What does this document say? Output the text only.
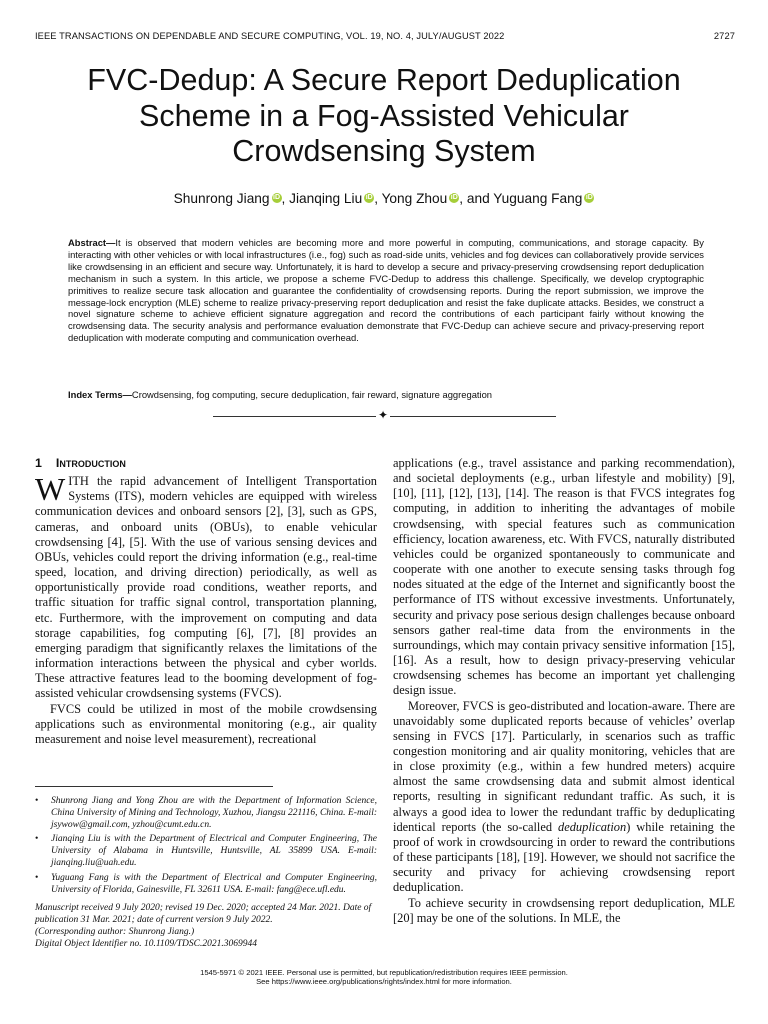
IEEE TRANSACTIONS ON DEPENDABLE AND SECURE COMPUTING, VOL. 19, NO. 4, JULY/AUGUST 2022	2727
FVC-Dedup: A Secure Report Deduplication
Scheme in a Fog-Assisted Vehicular
Crowdsensing System
Shunrong Jiang iD , Jianqing Liu iD , Yong Zhou iD , and Yuguang Fang iD
Abstract—It is observed that modern vehicles are becoming more and more powerful in computing, communications, and storage capacity. By interacting with other vehicles or with local infrastructures (i.e., fog) such as road-side units, vehicles and fog devices can collaboratively provide services like crowdsensing in an efficient and secure way. Unfortunately, it is hard to develop a secure and privacy-preserving crowdsensing report deduplication mechanism in such a system. In this article, we propose a scheme FVC-Dedup to address this challenge. Specifically, we develop cryptographic primitives to realize secure task allocation and guarantee the confidentiality of crowdsensing reports. During the report submission, we improve the message-lock encryption (MLE) scheme to realize privacy-preserving report deduplication and resist the fake duplicate attacks. Besides, we construct a novel signature scheme to achieve efficient signature aggregation and record the contributions of each participant fairly without knowing the crowdsensing data. The security analysis and performance evaluation demonstrate that FVC-Dedup can achieve secure and privacy-preserving report deduplication with moderate computing and communication overhead.
Index Terms—Crowdsensing, fog computing, secure deduplication, fair reward, signature aggregation
✦
1 Introduction

WITH the rapid advancement of Intelligent Transportation Systems (ITS), modern vehicles are equipped with wireless communication devices and onboard sensors [2], [3], such as GPS, cameras, and onboard units (OBUs), to enable vehicular crowdsensing [4], [5]. With the use of various sensing devices and OBUs, vehicles could report the driving information (e.g., real-time speed, location, and driving direction) periodically, as well as opportunistically provide road conditions, weather reports, and traffic situation for traffic signal control, transportation planning, etc. Furthermore, with the improvement on computing and data storage capabilities, fog computing [6], [7], [8] provides an emerging paradigm that significantly relaxes the limitations of the information interactions between the physical and cyber worlds. These attractive features lead to the booming development of fog-assisted vehicular crowdsensing systems (FVCS).

FVCS could be utilized in most of the mobile crowdsensing applications such as environmental monitoring (e.g., air quality measurement and noise level measurement), recreational

• Shunrong Jiang and Yong Zhou are with the Department of Information Science, China University of Mining and Technology, Xuzhou, Jiangsu 221116, China. E-mail: jsywow@gmail.com, yzhou@cumt.edu.cn.
• Jianqing Liu is with the Department of Electrical and Computer Engineering, The University of Alabama in Huntsville, Huntsville, AL 35899 USA. E-mail: jianqing.liu@uah.edu.
• Yuguang Fang is with the Department of Electrical and Computer Engineering, University of Florida, Gainesville, FL 32611 USA. E-mail: fang@ece.ufl.edu.
Manuscript received 9 July 2020; revised 19 Dec. 2020; accepted 24 Mar. 2021. Date of publication 31 Mar. 2021; date of current version 9 July 2022.
(Corresponding author: Shunrong Jiang.)
Digital Object Identifier no. 10.1109/TDSC.2021.3069944

applications (e.g., travel assistance and parking recommendation), and societal deployments (e.g., urban lifestyle and mobility) [9], [10], [11], [12], [13], [14]. The reason is that FVCS integrates fog computing, in addition to inheriting the advantages of mobile crowdsensing, with special features such as communication efficiency, location awareness, etc. With FVCS, naturally distributed vehicles could be organized spontaneously to communicate and cooperate with one another to execute sensing tasks through fog nodes situated at the edge of the Internet and significantly boost the performance of ITS without excessive investments. Unfortunately, security and privacy pose serious design challenges because onboard sensors gather real-time data from the environments in the surroundings, which may contain privacy sensitive information [15], [16]. As a result, how to design privacy-preserving vehicular crowdsensing schemes has become an important yet challenging design issue.

Moreover, FVCS is geo-distributed and location-aware. There are unavoidably some duplicated reports because of vehicles’ overlap sensing in FVCS [17]. Particularly, in scenarios such as traffic congestion monitoring and air quality monitoring, vehicles that are in close proximity (e.g., within a few hundred meters) acquire almost the same crowdsensing data and submit almost identical reports, resulting in significant redundant traffic. As such, it is always a good idea to lower the redundant traffic by deduplicating identical reports (the so-called deduplication) while retaining the proof of work in crowdsourcing in order to reward the contributions of these participants [18], [19]. However, we should not sacrifice the security and privacy for achieving crowdsensing report deduplication.

To achieve security in crowdsensing report deduplication, MLE [20] may be one of the solutions. In MLE, the

1545-5971 © 2021 IEEE. Personal use is permitted, but republication/redistribution requires IEEE permission.
See https://www.ieee.org/publications/rights/index.html for more information.
